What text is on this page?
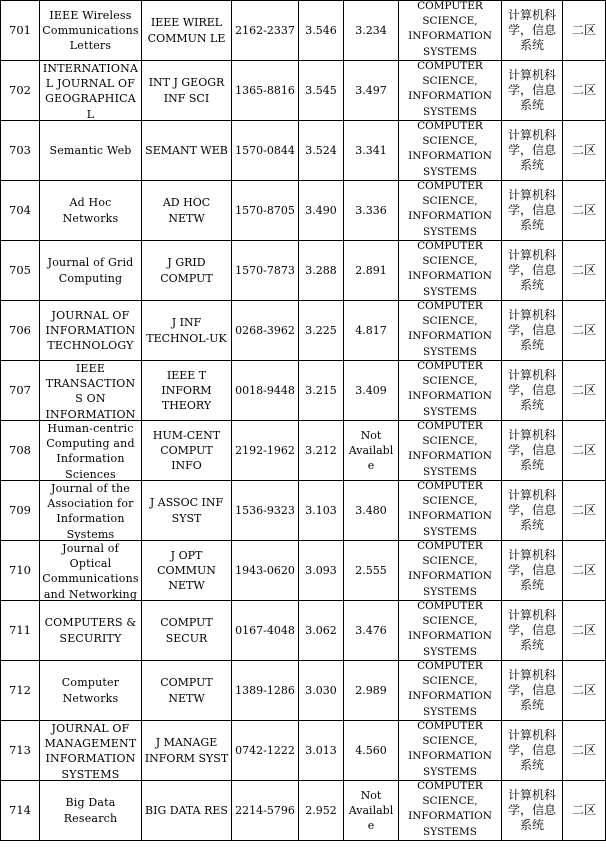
701	IEEE Wireless Communications Letters	IEEE WIREL COMMUN LE	2162-2337	3.546	3.234	COMPUTER SCIENCE, INFORMATION SYSTEMS	计算机科学，信息系统	二区

702	INTERNATIONAL JOURNAL OF GEOGRAPHICAL	INT J GEOGR INF SCI	1365-8816	3.545	3.497	COMPUTER SCIENCE, INFORMATION SYSTEMS	计算机科学，信息系统	二区

703	Semantic Web	SEMANT WEB	1570-0844	3.524	3.341	COMPUTER SCIENCE, INFORMATION SYSTEMS	计算机科学，信息系统	二区

704	Ad Hoc Networks	AD HOC NETW	1570-8705	3.490	3.336	COMPUTER SCIENCE, INFORMATION SYSTEMS	计算机科学，信息系统	二区

705	Journal of Grid Computing	J GRID COMPUT	1570-7873	3.288	2.891	COMPUTER SCIENCE, INFORMATION SYSTEMS	计算机科学，信息系统	二区

706	JOURNAL OF INFORMATION TECHNOLOGY	J INF TECHNOL-UK	0268-3962	3.225	4.817	COMPUTER SCIENCE, INFORMATION SYSTEMS	计算机科学，信息系统	二区

707	IEEE TRANSACTIONS ON INFORMATION	IEEE T INFORM THEORY	0018-9448	3.215	3.409	COMPUTER SCIENCE, INFORMATION SYSTEMS	计算机科学，信息系统	二区

708	Human-centric Computing and Information Sciences	HUM-CENT COMPUT INFO	2192-1962	3.212	Not Available	COMPUTER SCIENCE, INFORMATION SYSTEMS	计算机科学，信息系统	二区

709	Journal of the Association for Information Systems	J ASSOC INF SYST	1536-9323	3.103	3.480	COMPUTER SCIENCE, INFORMATION SYSTEMS	计算机科学，信息系统	二区

710	Journal of Optical Communications and Networking	J OPT COMMUN NETW	1943-0620	3.093	2.555	COMPUTER SCIENCE, INFORMATION SYSTEMS	计算机科学，信息系统	二区

711	COMPUTERS & SECURITY	COMPUT SECUR	0167-4048	3.062	3.476	COMPUTER SCIENCE, INFORMATION SYSTEMS	计算机科学，信息系统	二区

712	Computer Networks	COMPUT NETW	1389-1286	3.030	2.989	COMPUTER SCIENCE, INFORMATION SYSTEMS	计算机科学，信息系统	二区

713	JOURNAL OF MANAGEMENT INFORMATION SYSTEMS	J MANAGE INFORM SYST	0742-1222	3.013	4.560	COMPUTER SCIENCE, INFORMATION SYSTEMS	计算机科学，信息系统	二区

714	Big Data Research	BIG DATA RES	2214-5796	2.952	Not Available	COMPUTER SCIENCE, INFORMATION SYSTEMS	计算机科学，信息系统	二区
